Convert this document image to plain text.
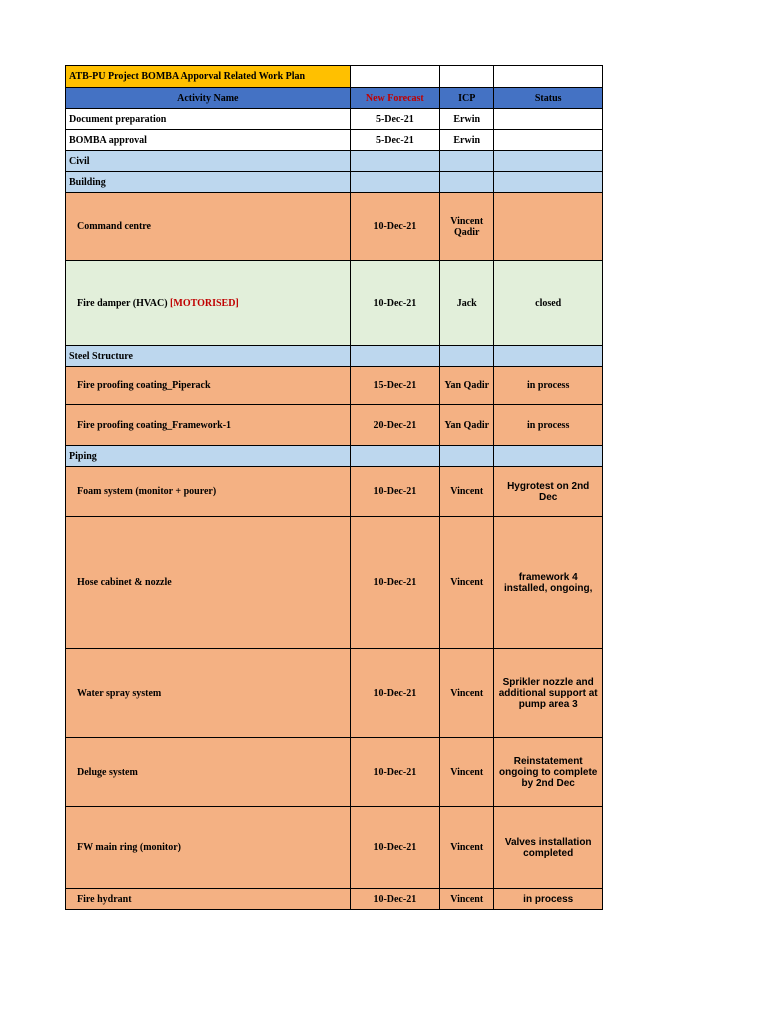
ATB-PU Project BOMBA Apporval Related Work Plan			
Activity Name	New Forecast	ICP	Status
Document preparation	5-Dec-21	Erwin	
BOMBA approval	5-Dec-21	Erwin	
Civil			
Building			
Command centre	10-Dec-21	Vincent Qadir	
Fire damper (HVAC) [MOTORISED]	10-Dec-21	Jack	closed
Steel Structure			
Fire proofing coating_Piperack	15-Dec-21	Yan Qadir	in process
Fire proofing coating_Framework-1	20-Dec-21	Yan Qadir	in process
Piping			
Foam system (monitor + pourer)	10-Dec-21	Vincent	Hygrotest on 2nd Dec
Hose cabinet & nozzle	10-Dec-21	Vincent	framework 4 installed, ongoing,
Water spray system	10-Dec-21	Vincent	Sprikler nozzle and additional support at pump area 3
Deluge system	10-Dec-21	Vincent	Reinstatement ongoing to complete by 2nd Dec
FW main ring (monitor)	10-Dec-21	Vincent	Valves installation completed
Fire hydrant	10-Dec-21	Vincent	in process
